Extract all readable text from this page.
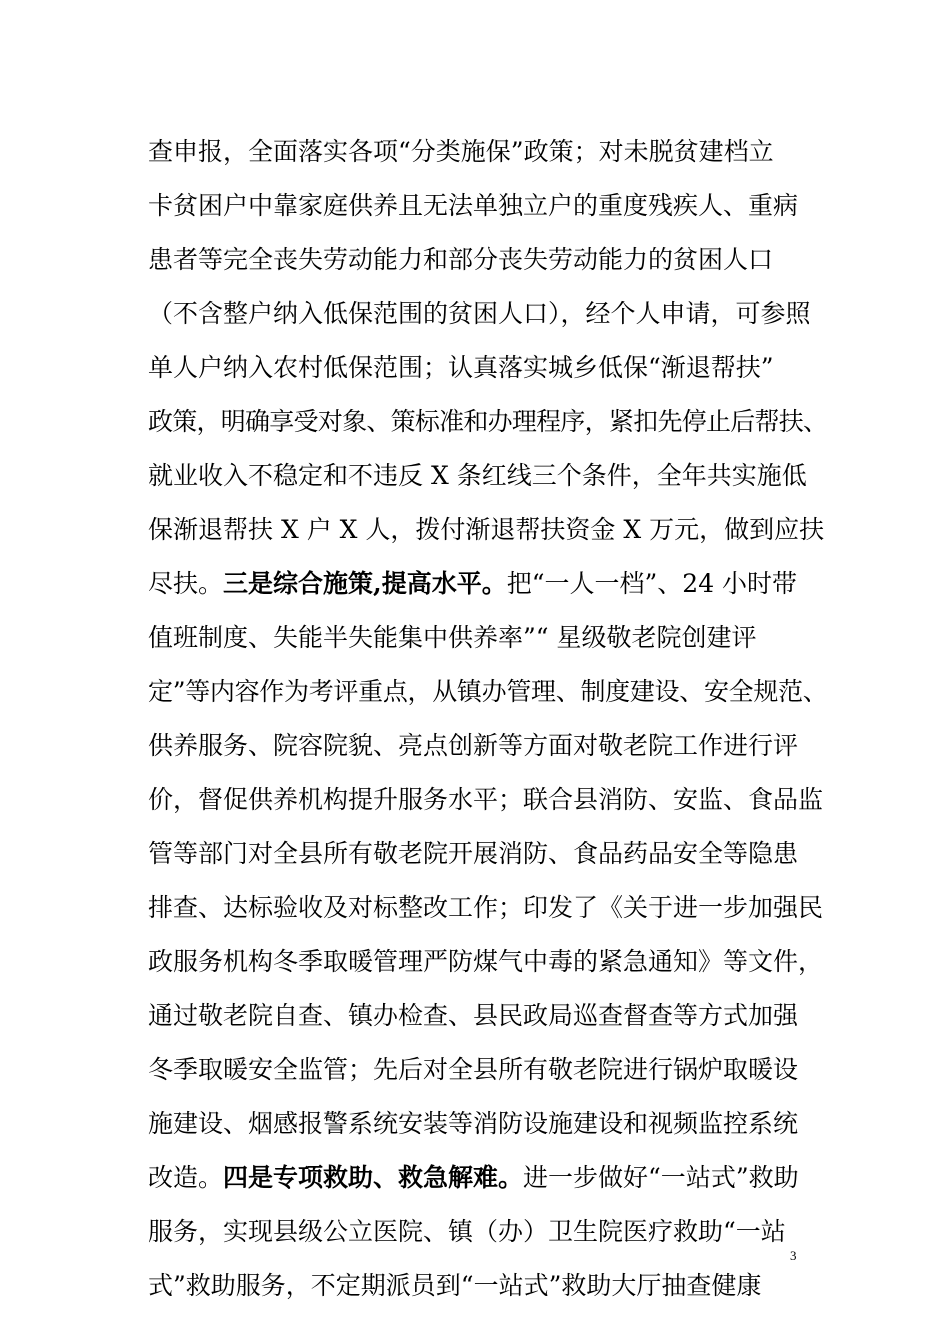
查申报，全面落实各项“分类施保”政策；对未脱贫建档立
卡贫困户中靠家庭供养且无法单独立户的重度残疾人、重病
患者等完全丧失劳动能力和部分丧失劳动能力的贫困人口
（不含整户纳入低保范围的贫困人口），经个人申请，可参照
单人户纳入农村低保范围；认真落实城乡低保“渐退帮扶”
政策，明确享受对象、策标准和办理程序，紧扣先停止后帮扶、
就业收入不稳定和不违反 X 条红线三个条件，全年共实施低
保渐退帮扶 X 户 X 人，拨付渐退帮扶资金 X 万元，做到应扶
尽扶。三是综合施策,提高水平。把“一人一档”、24 小时带
值班制度、失能半失能集中供养率”“ 星级敬老院创建评
定”等内容作为考评重点，从镇办管理、制度建设、安全规范、
供养服务、院容院貌、亮点创新等方面对敬老院工作进行评
价，督促供养机构提升服务水平；联合县消防、安监、食品监
管等部门对全县所有敬老院开展消防、食品药品安全等隐患
排查、达标验收及对标整改工作；印发了《关于进一步加强民
政服务机构冬季取暖管理严防煤气中毒的紧急通知》等文件，
通过敬老院自查、镇办检查、县民政局巡查督查等方式加强
冬季取暖安全监管；先后对全县所有敬老院进行锅炉取暖设
施建设、烟感报警系统安装等消防设施建设和视频监控系统
改造。四是专项救助、救急解难。进一步做好“一站式”救助
服务，实现县级公立医院、镇（办）卫生院医疗救助“一站
式”救助服务，不定期派员到“一站式”救助大厅抽查健康
3
